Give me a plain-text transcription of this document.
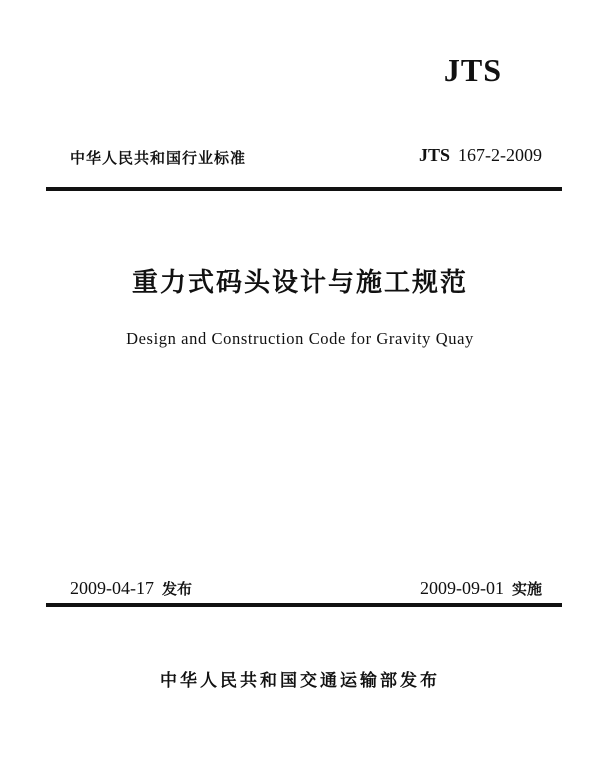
JTS
中华人民共和国行业标准	JTS 167-2-2009
重力式码头设计与施工规范
Design and Construction Code for Gravity Quay
2009-04-17 发布	2009-09-01 实施
中华人民共和国交通运输部发布
